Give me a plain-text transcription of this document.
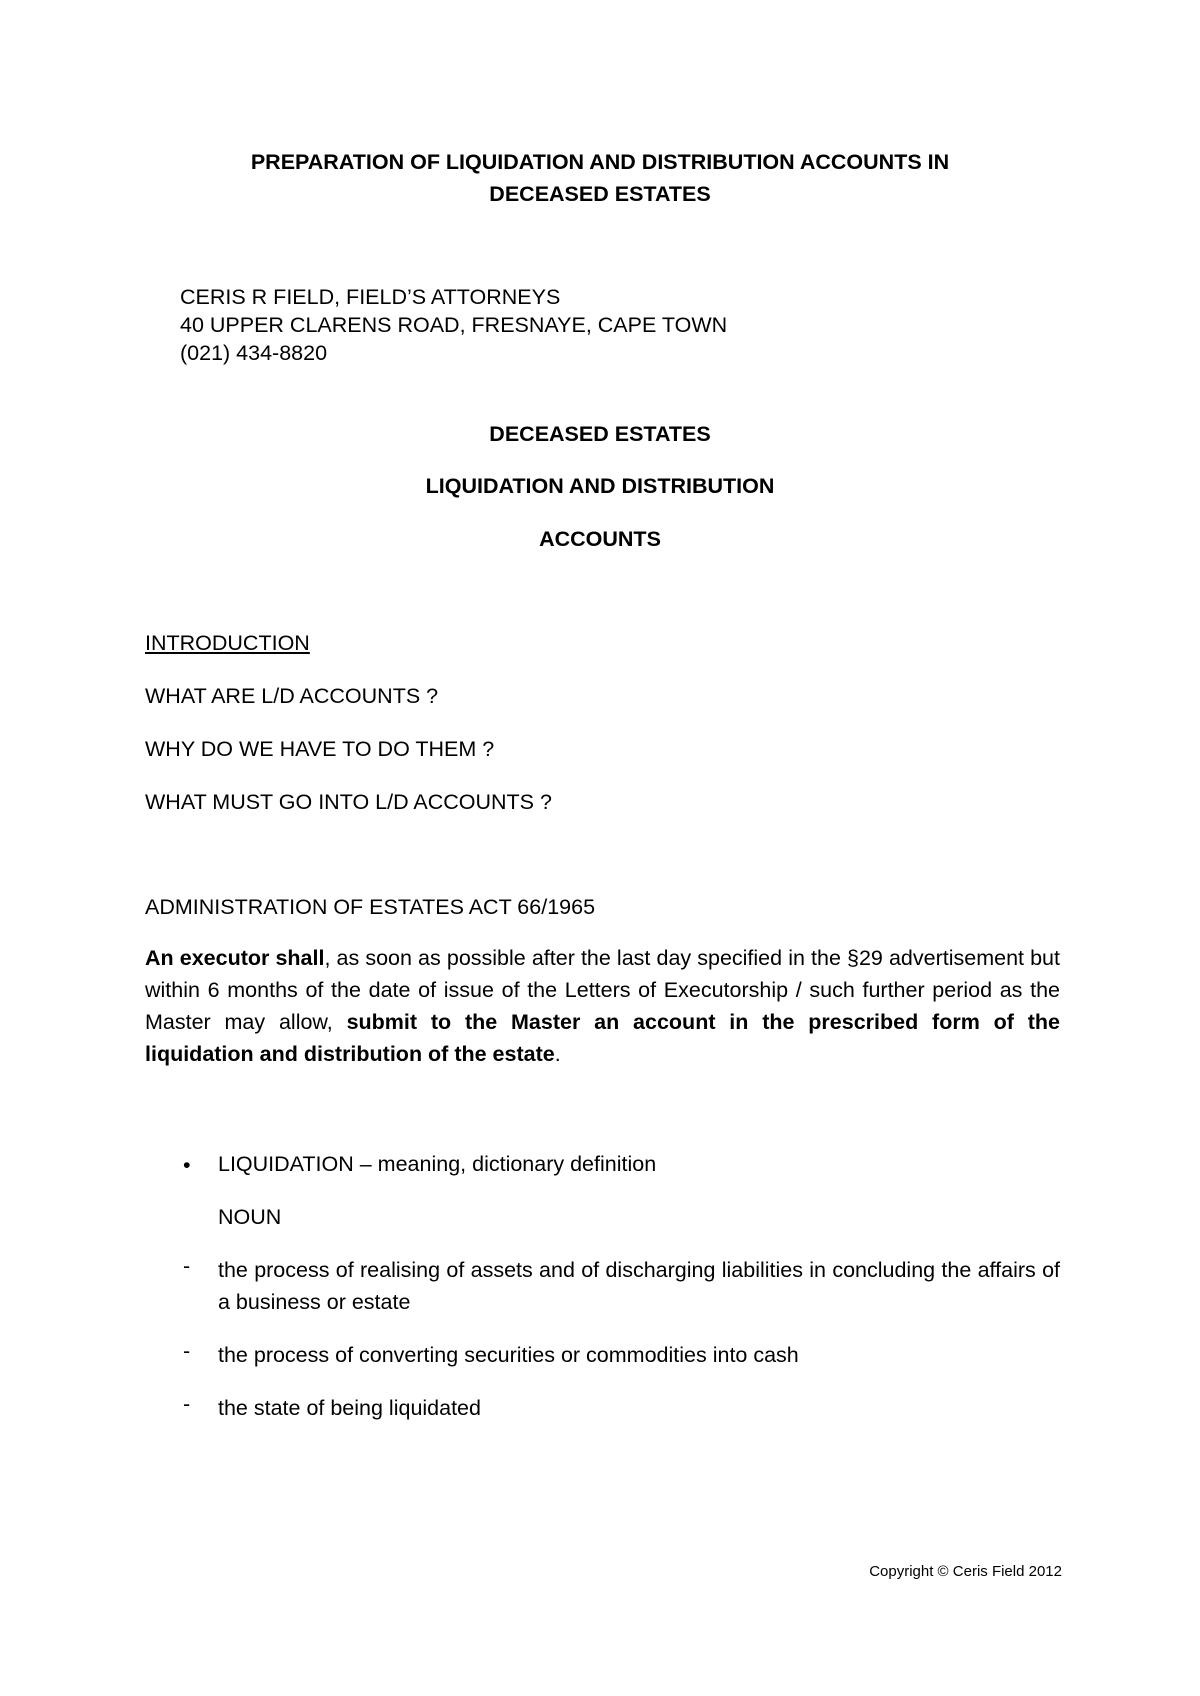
PREPARATION OF LIQUIDATION AND DISTRIBUTION ACCOUNTS IN
DECEASED ESTATES
CERIS R FIELD, FIELD’S ATTORNEYS
40 UPPER CLARENS ROAD, FRESNAYE, CAPE TOWN
(021) 434-8820
DECEASED ESTATES
LIQUIDATION AND DISTRIBUTION
ACCOUNTS
INTRODUCTION
WHAT ARE L/D ACCOUNTS ?
WHY DO WE HAVE TO DO THEM ?
WHAT MUST GO INTO L/D ACCOUNTS ?
ADMINISTRATION OF ESTATES ACT 66/1965
An executor shall, as soon as possible after the last day specified in the §29 advertisement but within 6 months of the date of issue of the Letters of Executorship / such further period as the Master may allow, submit to the Master an account in the prescribed form of the liquidation and distribution of the estate.
• LIQUIDATION – meaning, dictionary definition
NOUN
- the process of realising of assets and of discharging liabilities in concluding the affairs of a business or estate
- the process of converting securities or commodities into cash
- the state of being liquidated
Copyright © Ceris Field 2012
